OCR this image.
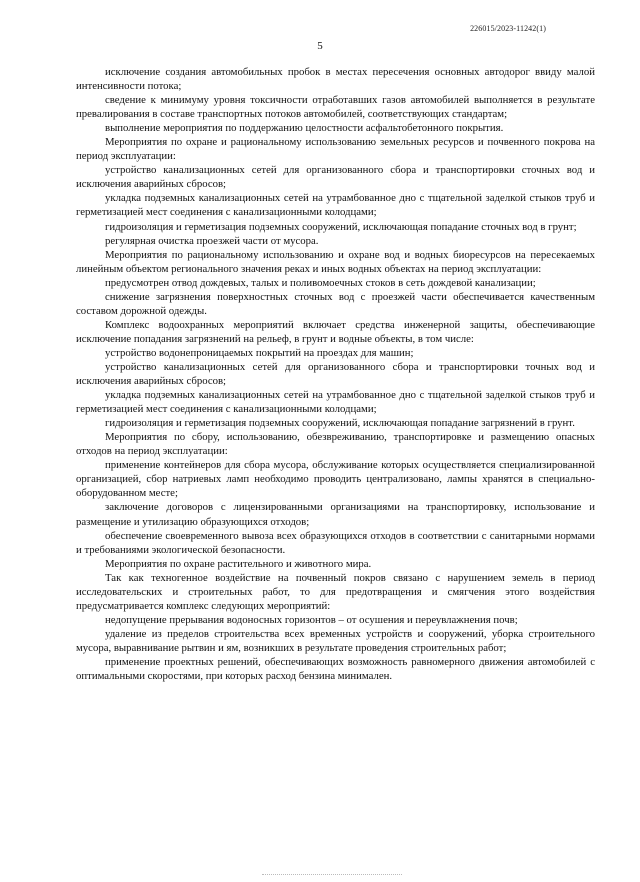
226015/2023-11242(1)
5

исключение создания автомобильных пробок в местах пересечения основных автодорог ввиду малой интенсивности потока;

сведение к минимуму уровня токсичности отработавших газов автомобилей выполняется в результате превалирования в составе транспортных потоков автомобилей, соответствующих стандартам;

выполнение мероприятия по поддержанию целостности асфальтобетонного покрытия.

Мероприятия по охране и рациональному использованию земельных ресурсов и почвенного покрова на период эксплуатации:

устройство канализационных сетей для организованного сбора и транспортировки сточных вод и исключения аварийных сбросов;

укладка подземных канализационных сетей на утрамбованное дно с тщательной заделкой стыков труб и герметизацией мест соединения с канализационными колодцами;

гидроизоляция и герметизация подземных сооружений, исключающая попадание сточных вод в грунт;

регулярная очистка проезжей части от мусора.

Мероприятия по рациональному использованию и охране вод и водных биоресурсов на пересекаемых линейным объектом регионального значения реках и иных водных объектах на период эксплуатации:

предусмотрен отвод дождевых, талых и поливомоечных стоков в сеть дождевой канализации;

снижение загрязнения поверхностных сточных вод с проезжей части обеспечивается качественным составом дорожной одежды.

Комплекс водоохранных мероприятий включает средства инженерной защиты, обеспечивающие исключение попадания загрязнений на рельеф, в грунт и водные объекты, в том числе:

устройство водонепроницаемых покрытий на проездах для машин;

устройство канализационных сетей для организованного сбора и транспортировки точных вод и исключения аварийных сбросов;

укладка подземных канализационных сетей на утрамбованное дно с тщательной заделкой стыков труб и герметизацией мест соединения с канализационными колодцами;

гидроизоляция и герметизация подземных сооружений, исключающая попадание загрязнений в грунт.

Мероприятия по сбору, использованию, обезвреживанию, транспортировке и размещению опасных отходов на период эксплуатации:

применение контейнеров для сбора мусора, обслуживание которых осуществляется специализированной организацией, сбор натриевых ламп необходимо проводить централизовано, лампы хранятся в специально-оборудованном месте;

заключение договоров с лицензированными организациями на транспортировку, использование и размещение и утилизацию образующихся отходов;

обеспечение своевременного вывоза всех образующихся отходов в соответствии с санитарными нормами и требованиями экологической безопасности.

Мероприятия по охране растительного и животного мира.

Так как техногенное воздействие на почвенный покров связано с нарушением земель в период исследовательских и строительных работ, то для предотвращения и смягчения этого воздействия предусматривается комплекс следующих мероприятий:

недопущение прерывания водоносных горизонтов – от осушения и переувлажнения почв;

удаление из пределов строительства всех временных устройств и сооружений, уборка строительного мусора, выравнивание рытвин и ям, возникших в результате проведения строительных работ;

применение проектных решений, обеспечивающих возможность равномерного движения автомобилей с оптимальными скоростями, при которых расход бензина минимален.
